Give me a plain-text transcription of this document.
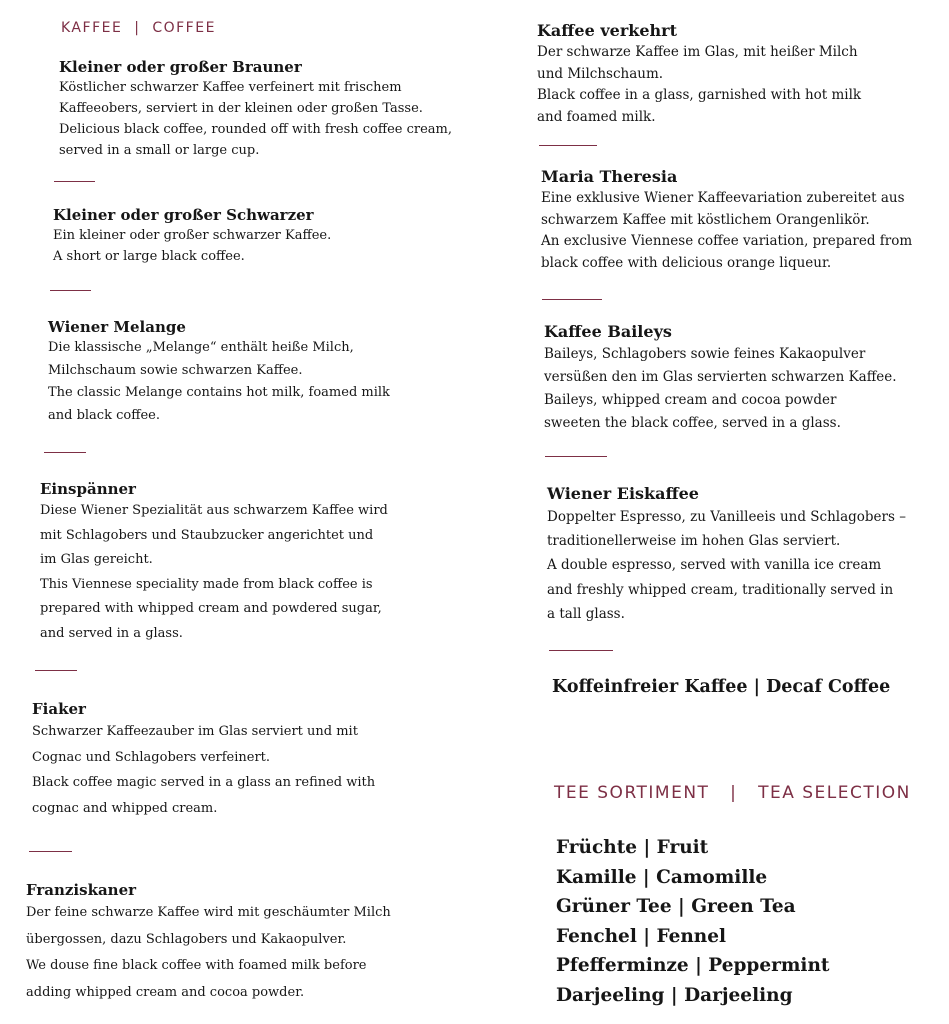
KAFFEE  |  COFFEE
Kleiner oder großer Brauner

Köstlicher schwarzer Kaffee verfeinert mit frischem
Kaffeeobers, serviert in der kleinen oder großen Tasse.
Delicious black coffee, rounded off with fresh coffee cream,
served in a small or large cup.

Kleiner oder großer Schwarzer

Ein kleiner oder großer schwarzer Kaffee.
A short or large black coffee.

Wiener Melange

Die klassische „Melange“ enthält heiße Milch,
Milchschaum sowie schwarzen Kaffee.
The classic Melange contains hot milk, foamed milk
and black coffee.

Einspänner

Diese Wiener Spezialität aus schwarzem Kaffee wird
mit Schlagobers und Staubzucker angerichtet und
im Glas gereicht.
This Viennese speciality made from black coffee is
prepared with whipped cream and powdered sugar,
and served in a glass.

Fiaker

Schwarzer Kaffeezauber im Glas serviert und mit
Cognac und Schlagobers verfeinert.
Black coffee magic served in a glass an refined with
cognac and whipped cream.

Franziskaner

Der feine schwarze Kaffee wird mit geschäumter Milch
übergossen, dazu Schlagobers und Kakaopulver.
We douse fine black coffee with foamed milk before
adding whipped cream and cocoa powder.

Kaffee verkehrt

Der schwarze Kaffee im Glas, mit heißer Milch
und Milchschaum.
Black coffee in a glass, garnished with hot milk
and foamed milk.

Maria Theresia

Eine exklusive Wiener Kaffeevariation zubereitet aus
schwarzem Kaffee mit köstlichem Orangenlikör.
An exclusive Viennese coffee variation, prepared from
black coffee with delicious orange liqueur.

Kaffee Baileys

Baileys, Schlagobers sowie feines Kakaopulver
versüßen den im Glas servierten schwarzen Kaffee.
Baileys, whipped cream and cocoa powder
sweeten the black coffee, served in a glass.

Wiener Eiskaffee

Doppelter Espresso, zu Vanilleeis und Schlagobers –
traditionellerweise im hohen Glas serviert.
A double espresso, served with vanilla ice cream
and freshly whipped cream, traditionally served in
a tall glass.

Koffeinfreier Kaffee | Decaf Coffee
TEE SORTIMENT   |   TEA SELECTION
Früchte | Fruit
Kamille | Camomille
Grüner Tee | Green Tea
Fenchel | Fennel
Pfefferminze | Peppermint
Darjeeling | Darjeeling
